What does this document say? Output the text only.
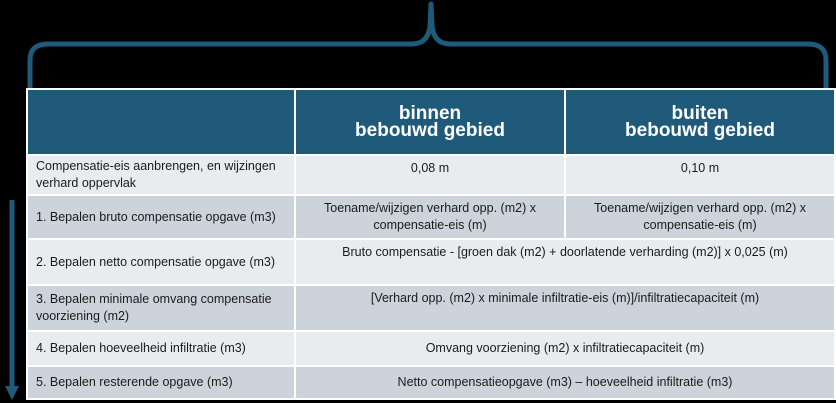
	binnen
bebouwd gebied	buiten
bebouwd gebied

Compensatie-eis aanbrengen, en wijzingen verhard oppervlak	0,08 m	0,10 m
1. Bepalen bruto compensatie opgave (m3)	Toename/wijzigen verhard opp. (m2) x compensatie-eis (m)	Toename/wijzigen verhard opp. (m2) x compensatie-eis (m)
2. Bepalen netto compensatie opgave (m3)	Bruto compensatie - [groen dak (m2) + doorlatende verharding (m2)] x 0,025 (m)	
3. Bepalen minimale omvang compensatie voorziening (m2)	[Verhard opp. (m2) x minimale infiltratie-eis (m)]/infiltratiecapaciteit (m)	
4. Bepalen hoeveelheid infiltratie (m3)	Omvang voorziening (m2) x infiltratiecapaciteit (m)	
5. Bepalen resterende opgave (m3)	Netto compensatieopgave (m3) – hoeveelheid infiltratie (m3)	
